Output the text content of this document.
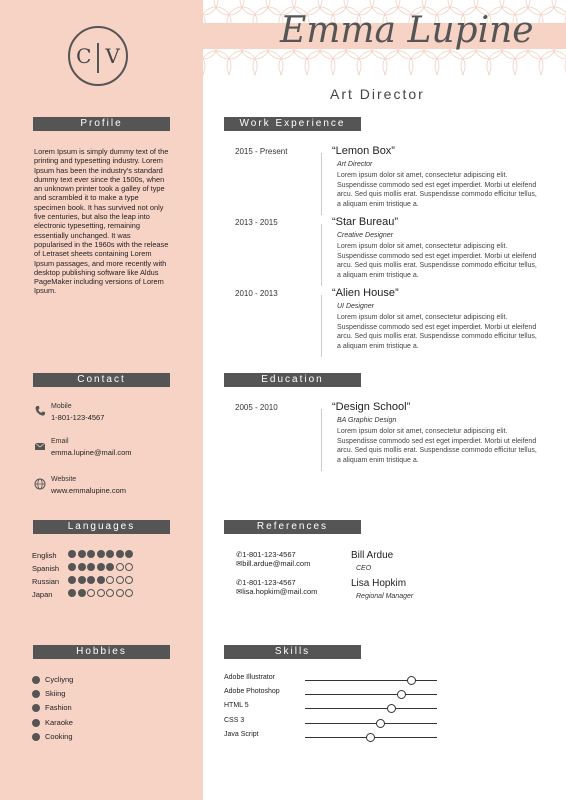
C V
Emma Lupine
Art Director
Profile	Work Experience
Contact	Education
Languages	References
Hobbies	Skills
Lorem Ipsum is simply dummy text of the printing and typesetting industry. Lorem Ipsum has been the industry's standard dummy text ever since the 1500s, when an unknown printer took a galley of type and scrambled it to make a type specimen book. It has survived not only five centuries, but also the leap into electronic typesetting, remaining essentially unchanged. It was popularised in the 1960s with the release of Letraset sheets containing Lorem Ipsum passages, and more recently with desktop publishing software like Aldus PageMaker including versions of Lorem Ipsum.
2015 - Present	“Lemon Box”
Art Director
Lorem ipsum dolor sit amet, consectetur adipiscing elit. Suspendisse commodo sed est eget imperdiet. Morbi ut eleifend arcu. Sed quis mollis erat. Suspendisse commodo efficitur tellus, a aliquam enim tristique a.
2013 - 2015	“Star Bureau”
Creative Designer
Lorem ipsum dolor sit amet, consectetur adipiscing elit. Suspendisse commodo sed est eget imperdiet. Morbi ut eleifend arcu. Sed quis mollis erat. Suspendisse commodo efficitur tellus, a aliquam enim tristique a.
2010 - 2013	“Alien House”
UI Designer
Lorem ipsum dolor sit amet, consectetur adipiscing elit. Suspendisse commodo sed est eget imperdiet. Morbi ut eleifend arcu. Sed quis mollis erat. Suspendisse commodo efficitur tellus, a aliquam enim tristique a.
2005 - 2010	“Design School”
BA Graphic Design
Lorem ipsum dolor sit amet, consectetur adipiscing elit. Suspendisse commodo sed est eget imperdiet. Morbi ut eleifend arcu. Sed quis mollis erat. Suspendisse commodo efficitur tellus, a aliquam enim tristique a.
Mobile
1-801-123-4567
Email
emma.lupine@mail.com
Website
www.emmalupine.com
English
Spanish
Russian
Japan
✆1-801-123-4567
✉bill.ardue@mail.com
Bill Ardue
CEO
✆1-801-123-4567
✉lisa.hopkim@mail.com
Lisa Hopkim
Regional Manager
Cycliyng
Skiing
Fashion
Karaoke
Cooking
Adobe Illustrator
Adobe Photoshop
HTML 5
CSS 3
Java Script
